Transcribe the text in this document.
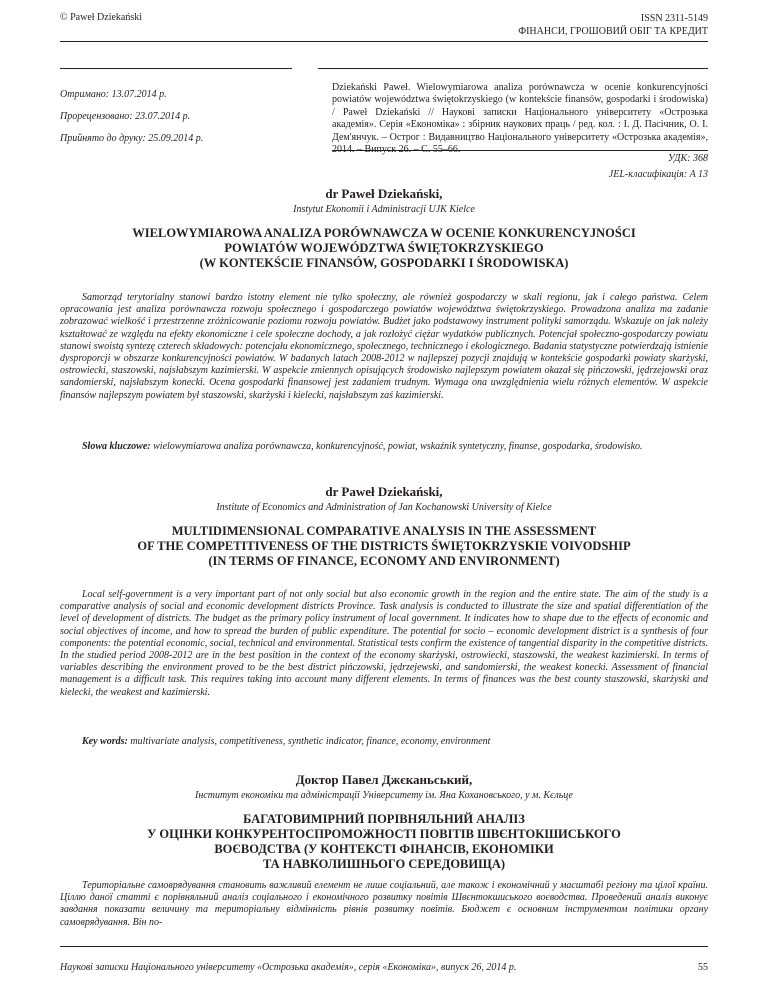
© Paweł Dziekański	ISSN 2311-5149
ФІНАНСИ, ГРОШОВИЙ ОБІГ ТА КРЕДИТ
Отримано: 13.07.2014 р.
Прорецензовано: 23.07.2014 р.
Прийнято до друку: 25.09.2014 р.
Dziekański Paweł. Wielowymiarowa analiza porównawcza w ocenie konkurencyjności powiatów województwa świętokrzyskiego (w kontekście finansów, gospodarki i środowiska) / Paweł Dziekański // Наукові записки Національного університету «Острозька академія». Серія «Економіка» : збірник наукових праць / ред. кол. : І. Д. Пасічник, О. І. Дем'янчук. – Острог : Видавництво Національного університету «Острозька академія», 2014. – Випуск 26. – С. 55–66.
УДК: 368
JEL-класифікація: A 13
dr Paweł Dziekański,
Instytut Ekonomii i Administracji UJK Kielce
WIELOWYMIAROWA ANALIZA PORÓWNAWCZA W OCENIE KONKURENCYJNOŚCI
POWIATÓW WOJEWÓDZTWA ŚWIĘTOKRZYSKIEGO
(W KONTEKŚCIE FINANSÓW, GOSPODARKI I ŚRODOWISKA)
Samorząd terytorialny stanowi bardzo istotny element nie tylko społeczny, ale również gospodarczy w skali regionu, jak i całego państwa. Celem opracowania jest analiza porównawcza rozwoju społecznego i gospodarczego powiatów województwa świętokrzyskiego. Prowadzona analiza ma zadanie zobrazować wielkość i przestrzenne zróżnicowanie poziomu rozwoju powiatów. Budżet jako podstawowy instrument polityki samorządu. Wskazuje on jak należy kształtować ze względu na efekty ekonomiczne i cele społeczne dochody, a jak rozłożyć ciężar wydatków publicznych. Potencjał społeczno-gospodarczy powiatu stanowi swoistą syntezę czterech składowych: potencjału ekonomicznego, społecznego, technicznego i ekologicznego. Badania statystyczne potwierdzają istnienie dysproporcji w obszarze konkurencyjności powiatów. W badanych latach 2008-2012 w najlepszej pozycji znajdują w kontekście gospodarki powiaty skarżyski, ostrowiecki, staszowski, najsłabszym kazimierski. W aspekcie zmiennych opisujących środowisko najlepszym powiatem okazał się pińczowski, jędrzejowski oraz sandomierski, najsłabszym konecki. Ocena gospodarki finansowej jest zadaniem trudnym. Wymaga ona uwzględnienia wielu różnych elementów. W aspekcie finansów najlepszym powiatem był staszowski, skarżyski i kielecki, najsłabszym zaś kazimierski.
Słowa kluczowe: wielowymiarowa analiza porównawcza, konkurencyjność, powiat, wskaźnik syntetyczny, finanse, gospodarka, środowisko.
dr Paweł Dziekański,
Institute of Economics and Administration of Jan Kochanowski University of Kielce
MULTIDIMENSIONAL COMPARATIVE ANALYSIS IN THE ASSESSMENT
OF THE COMPETITIVENESS OF THE DISTRICTS ŚWIĘTOKRZYSKIE VOIVODSHIP
(IN TERMS OF FINANCE, ECONOMY AND ENVIRONMENT)
Local self-government is a very important part of not only social but also economic growth in the region and the entire state. The aim of the study is a comparative analysis of social and economic development districts Province. Task analysis is conducted to illustrate the size and spatial differentiation of the level of development of districts. The budget as the primary policy instrument of local government. It indicates how to shape due to the effects of economic and social objectives of income, and how to spread the burden of public expenditure. The potential for socio – economic development district is a synthesis of four components: the potential economic, social, technical and environmental. Statistical tests confirm the existence of tangential disparity in the competitive districts. In the studied period 2008-2012 are in the best position in the context of the economy skarżyski, ostrowiecki, staszowski, the weakest kazimierski. In terms of variables describing the environment proved to be the best district pińczowski, jędrzejewski, and sandomierski, the weakest konecki. Assessment of financial management is a difficult task. This requires taking into account many different elements. In terms of finances was the best county staszowski, skarżyski and kielecki, the weakest and kazimierski.
Key words: multivariate analysis, competitiveness, synthetic indicator, finance, economy, environment
Доктор Павел Джєканьський,
Інститут економіки та адміністрації Університету ім. Яна Кохановського, у м. Кєльце
БАГАТОВИМІРНИЙ ПОРІВНЯЛЬНИЙ АНАЛІЗ
У ОЦІНКИ КОНКУРЕНТОСПРОМОЖНОСТІ ПОВІТІВ ШВЄНТОКШИСЬКОГО
ВОЄВОДСТВА (У КОНТЕКСТІ ФІНАНСІВ, ЕКОНОМІКИ
ТА НАВКОЛИШНЬОГО СЕРЕДОВИЩА)
Територіальне самоврядування становить важливий елемент не лише соціальний, але також і економічний у масштабі регіону та цілої країни. Ціллю даної статті є порівняльний аналіз соціального і економічного розвитку повітів Швєнтокшиського воєводства. Проведений аналіз виконує завдання показати величину та територіальну відмінність рівнів розвитку повітів. Бюджет є основним інструментом політики органу самоврядування. Він по-
Наукові записки Національного університету «Острозька академія», серія «Економіка», випуск 26, 2014 р.	55
